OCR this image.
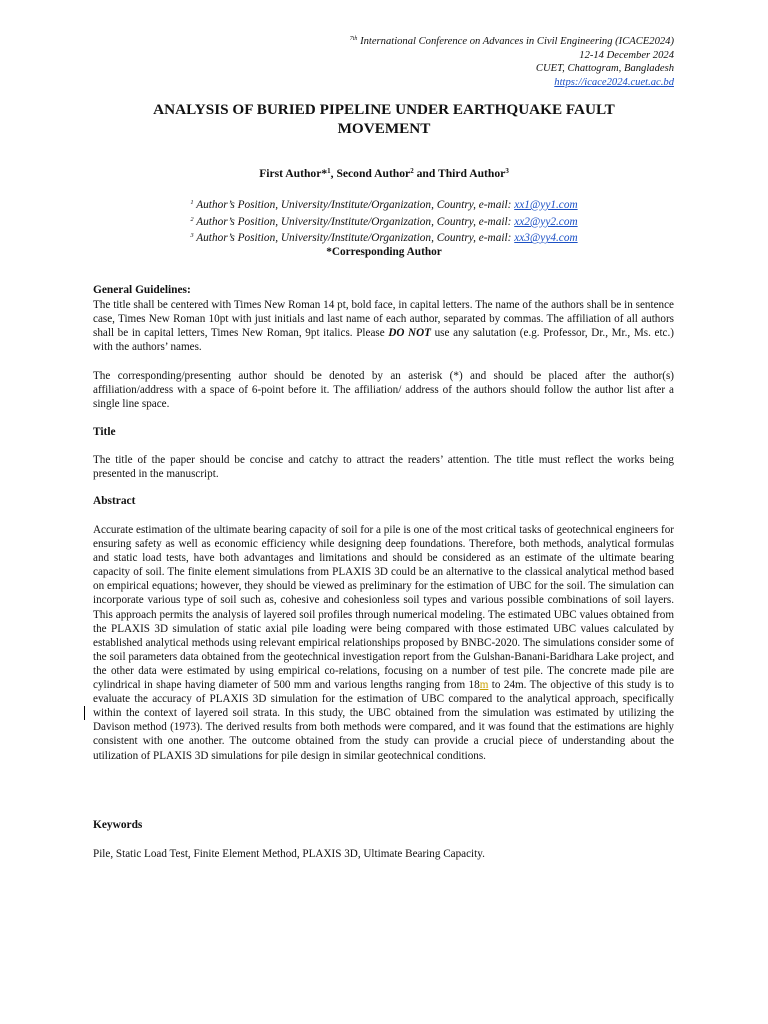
$^{7th}$ International Conference on Advances in Civil Engineering (ICACE2024)
12-14 December 2024
CUET, Chattogram, Bangladesh
https://icace2024.cuet.ac.bd
ANALYSIS OF BURIED PIPELINE UNDER EARTHQUAKE FAULT
MOVEMENT
First Author*$^1$, Second Author$^2$ and Third Author$^3$
$^1$ Author’s Position, University/Institute/Organization, Country, e-mail: xx1@yy1.com
$^2$ Author’s Position, University/Institute/Organization, Country, e-mail: xx2@yy2.com
$^3$ Author’s Position, University/Institute/Organization, Country, e-mail: xx3@yy4.com
*Corresponding Author
General Guidelines:

The title shall be centered with Times New Roman 14 pt, bold face, in capital letters. The name of the authors shall be in sentence case, Times New Roman 10pt with just initials and last name of each author, separated by commas. The affiliation of all authors shall be in capital letters, Times New Roman, 9pt italics. Please DO NOT use any salutation (e.g. Professor, Dr., Mr., Ms. etc.) with the authors’ names.

The corresponding/presenting author should be denoted by an asterisk (*) and should be placed after the author(s) affiliation/address with a space of 6-point before it. The affiliation/ address of the authors should follow the author list after a single line space.

Title

The title of the paper should be concise and catchy to attract the readers’ attention. The title must reflect the works being presented in the manuscript.

Abstract

Accurate estimation of the ultimate bearing capacity of soil for a pile is one of the most critical tasks of geotechnical engineers for ensuring safety as well as economic efficiency while designing deep foundations. Therefore, both methods, analytical formulas and static load tests, have both advantages and limitations and should be considered as an estimate of the ultimate bearing capacity of soil. The finite element simulations from PLAXIS 3D could be an alternative to the classical analytical method based on empirical equations; however, they should be viewed as preliminary for the estimation of UBC for the soil. The simulation can incorporate various type of soil such as, cohesive and cohesionless soil types and various possible combinations of soil layers. This approach permits the analysis of layered soil profiles through numerical modeling. The estimated UBC values obtained from the PLAXIS 3D simulation of static axial pile loading were being compared with those estimated UBC values calculated by established analytical methods using relevant empirical relationships proposed by BNBC-2020. The simulations consider some of the soil parameters data obtained from the geotechnical investigation report from the Gulshan-Banani-Baridhara Lake project, and the other data were estimated by using empirical co-relations, focusing on a number of test pile. The concrete made pile are cylindrical in shape having diameter of 500 mm and various lengths ranging from 18m to 24m. The objective of this study is to evaluate the accuracy of PLAXIS 3D simulation for the estimation of UBC compared to the analytical approach, specifically within the context of layered soil strata. In this study, the UBC obtained from the simulation was estimated by utilizing the Davison method (1973). The derived results from both methods were compared, and it was found that the estimations are highly consistent with one another. The outcome obtained from the study can provide a crucial piece of understanding about the utilization of PLAXIS 3D simulations for pile design in similar geotechnical conditions.

Keywords

Pile, Static Load Test, Finite Element Method, PLAXIS 3D, Ultimate Bearing Capacity.
